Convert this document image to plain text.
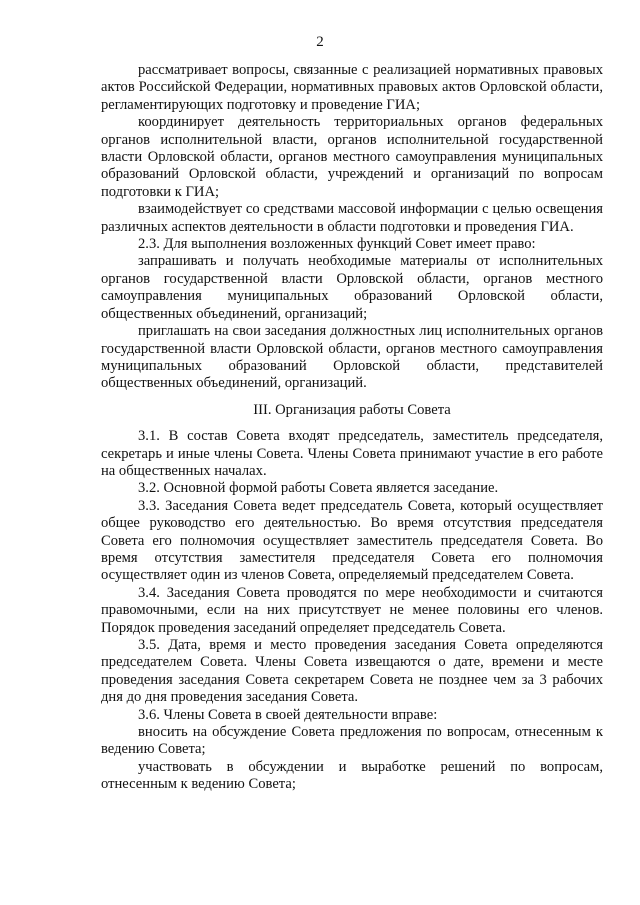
2

рассматривает вопросы, связанные с реализацией нормативных правовых актов Российской Федерации, нормативных правовых актов Орловской области, регламентирующих подготовку и проведение ГИА;

координирует деятельность территориальных органов федеральных органов исполнительной власти, органов исполнительной государственной власти Орловской области, органов местного самоуправления муниципальных образований Орловской области, учреждений и организаций по вопросам подготовки к ГИА;

взаимодействует со средствами массовой информации с целью освещения различных аспектов деятельности в области подготовки и проведения ГИА.

2.3. Для выполнения возложенных функций Совет имеет право:

запрашивать и получать необходимые материалы от исполнительных органов государственной власти Орловской области, органов местного самоуправления муниципальных образований Орловской области, общественных объединений, организаций;

приглашать на свои заседания должностных лиц исполнительных органов государственной власти Орловской области, органов местного самоуправления муниципальных образований Орловской области, представителей общественных объединений, организаций.

III. Организация работы Совета

3.1. В состав Совета входят председатель, заместитель председателя, секретарь и иные члены Совета. Члены Совета принимают участие в его работе на общественных началах.

3.2. Основной формой работы Совета является заседание.

3.3. Заседания Совета ведет председатель Совета, который осуществляет общее руководство его деятельностью. Во время отсутствия председателя Совета его полномочия осуществляет заместитель председателя Совета. Во время отсутствия заместителя председателя Совета его полномочия осуществляет один из членов Совета, определяемый председателем Совета.

3.4. Заседания Совета проводятся по мере необходимости и считаются правомочными, если на них присутствует не менее половины его членов. Порядок проведения заседаний определяет председатель Совета.

3.5. Дата, время и место проведения заседания Совета определяются председателем Совета. Члены Совета извещаются о дате, времени и месте проведения заседания Совета секретарем Совета не позднее чем за 3 рабочих дня до дня проведения заседания Совета.

3.6. Члены Совета в своей деятельности вправе:

вносить на обсуждение Совета предложения по вопросам, отнесенным к ведению Совета;

участвовать в обсуждении и выработке решений по вопросам, отнесенным к ведению Совета;
